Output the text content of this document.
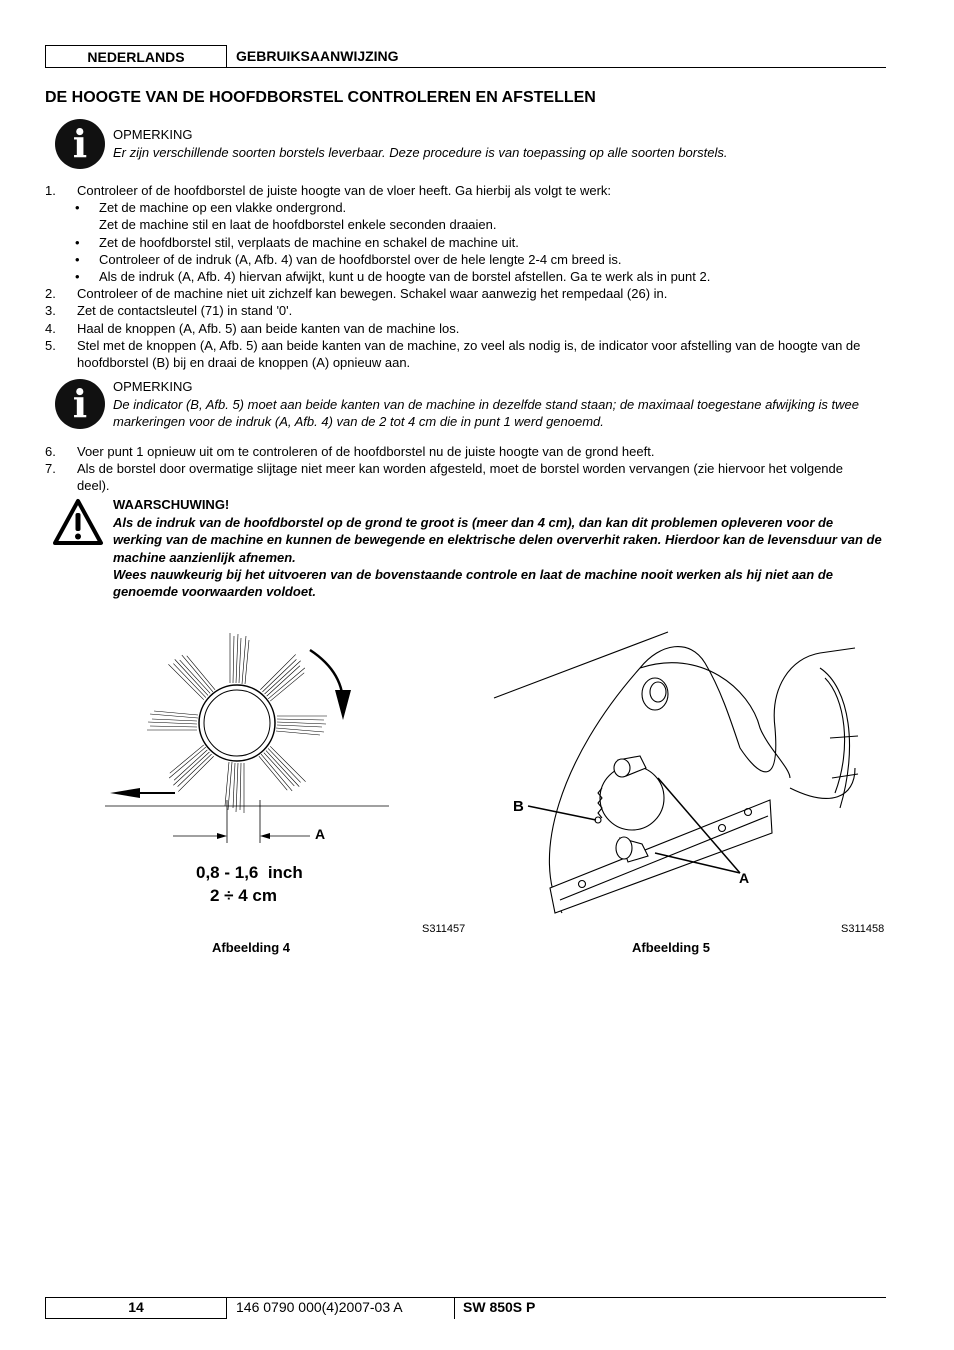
NEDERLANDS	GEBRUIKSAANWIJZING
DE HOOGTE VAN DE HOOFDBORSTEL CONTROLEREN EN AFSTELLEN
i	OPMERKING
Er zijn verschillende soorten borstels leverbaar. Deze procedure is van toepassing op alle soorten borstels.
1.	Controleer of de hoofdborstel de juiste hoogte van de vloer heeft. Ga hierbij als volgt te werk:
•	Zet de machine op een vlakke ondergrond.
Zet de machine stil en laat de hoofdborstel enkele seconden draaien.
•	Zet de hoofdborstel stil, verplaats de machine en schakel de machine uit.
•	Controleer of de indruk (A, Afb. 4) van de hoofdborstel over de hele lengte 2-4 cm breed is.
•	Als de indruk (A, Afb. 4) hiervan afwijkt, kunt u de hoogte van de borstel afstellen. Ga te werk als in punt 2.
2.	Controleer of de machine niet uit zichzelf kan bewegen. Schakel waar aanwezig het rempedaal (26) in.
3.	Zet de contactsleutel (71) in stand '0'.
4.	Haal de knoppen (A, Afb. 5) aan beide kanten van de machine los.
5.	Stel met de knoppen (A, Afb. 5) aan beide kanten van de machine, zo veel als nodig is, de indicator voor afstelling van de hoogte van de hoofdborstel (B) bij en draai de knoppen (A) opnieuw aan.
i	OPMERKING
De indicator (B, Afb. 5) moet aan beide kanten van de machine in dezelfde stand staan; de maximaal toegestane afwijking is twee markeringen voor de indruk (A, Afb. 4) van de 2 tot 4 cm die in punt 1 werd genoemd.
6.	Voer punt 1 opnieuw uit om te controleren of de hoofdborstel nu de juiste hoogte van de grond heeft.
7.	Als de borstel door overmatige slijtage niet meer kan worden afgesteld, moet de borstel worden vervangen (zie hiervoor het volgende deel).
WAARSCHUWING!
Als de indruk van de hoofdborstel op de grond te groot is (meer dan 4 cm), dan kan dit problemen opleveren voor de werking van de machine en kunnen de bewegende en elektrische delen oververhit raken. Hierdoor kan de levensduur van de machine aanzienlijk afnemen.
Wees nauwkeurig bij het uitvoeren van de bovenstaande controle en laat de machine nooit werken als hij niet aan de genoemde voorwaarden voldoet.
A
0,8 - 1,6  inch
2 ÷ 4 cm
S311457
Afbeelding 4
B
A
S311458
Afbeelding 5
14	146 0790 000(4)2007-03 A	SW 850S P
